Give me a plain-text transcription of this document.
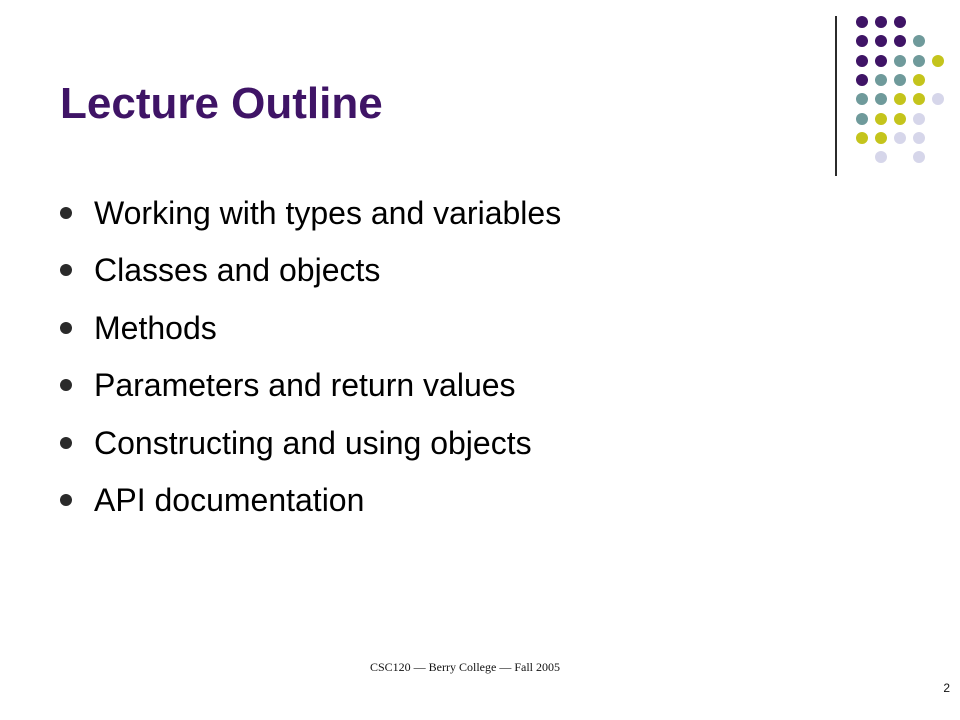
Lecture Outline
Working with types and variables
Classes and objects
Methods
Parameters and return values
Constructing and using objects
API documentation
CSC120 — Berry College — Fall 2005
2
